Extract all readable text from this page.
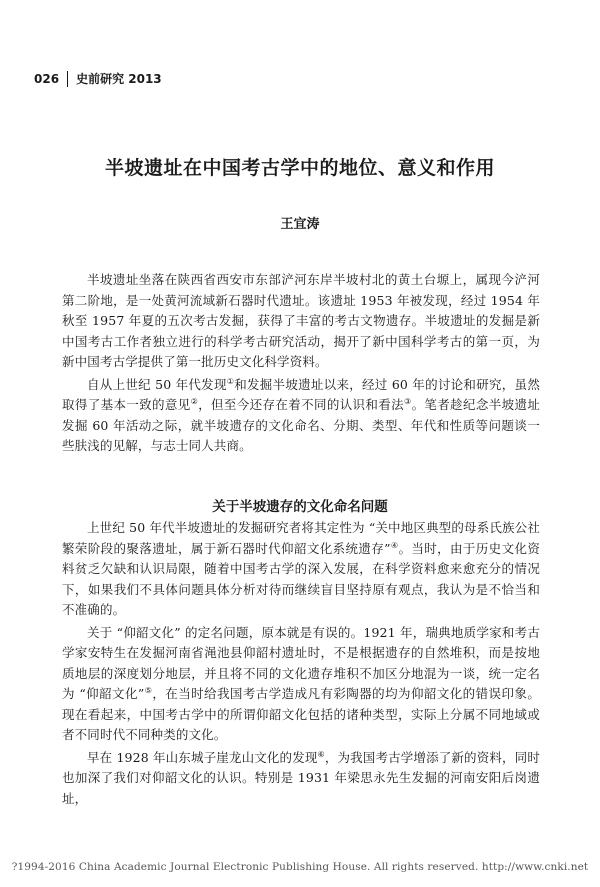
026 史前研究 2013
半坡遗址在中国考古学中的地位、意义和作用
王宜涛

半坡遗址坐落在陕西省西安市东部浐河东岸半坡村北的黄土台塬上，属现今浐河第二阶地，是一处黄河流域新石器时代遗址。该遗址 1953 年被发现，经过 1954 年秋至 1957 年夏的五次考古发掘，获得了丰富的考古文物遗存。半坡遗址的发掘是新中国考古工作者独立进行的科学考古研究活动，揭开了新中国科学考古的第一页，为新中国考古学提供了第一批历史文化科学资料。

自从上世纪 50 年代发现①和发掘半坡遗址以来，经过 60 年的讨论和研究，虽然取得了基本一致的意见②，但至今还存在着不同的认识和看法③。笔者趁纪念半坡遗址发掘 60 年活动之际，就半坡遗存的文化命名、分期、类型、年代和性质等问题谈一些肤浅的见解，与志士同人共商。

关于半坡遗存的文化命名问题

上世纪 50 年代半坡遗址的发掘研究者将其定性为 “关中地区典型的母系氏族公社繁荣阶段的聚落遗址，属于新石器时代仰韶文化系统遗存”④。当时，由于历史文化资料贫乏欠缺和认识局限，随着中国考古学的深入发展，在科学资料愈来愈充分的情况下，如果我们不具体问题具体分析对待而继续盲目坚持原有观点，我认为是不恰当和不准确的。

关于 “仰韶文化” 的定名问题，原本就是有误的。1921 年，瑞典地质学家和考古学家安特生在发掘河南省渑池县仰韶村遗址时，不是根据遗存的自然堆积，而是按地质地层的深度划分地层，并且将不同的文化遗存堆积不加区分地混为一谈，统一定名为 “仰韶文化”⑤，在当时给我国考古学造成凡有彩陶器的均为仰韶文化的错误印象。现在看起来，中国考古学中的所谓仰韶文化包括的诸种类型，实际上分属不同地域或者不同时代不同种类的文化。

早在 1928 年山东城子崖龙山文化的发现⑥，为我国考古学增添了新的资料，同时也加深了我们对仰韶文化的认识。特别是 1931 年梁思永先生发掘的河南安阳后岗遗址，

?1994-2016 China Academic Journal Electronic Publishing House. All rights reserved. http://www.cnki.net
